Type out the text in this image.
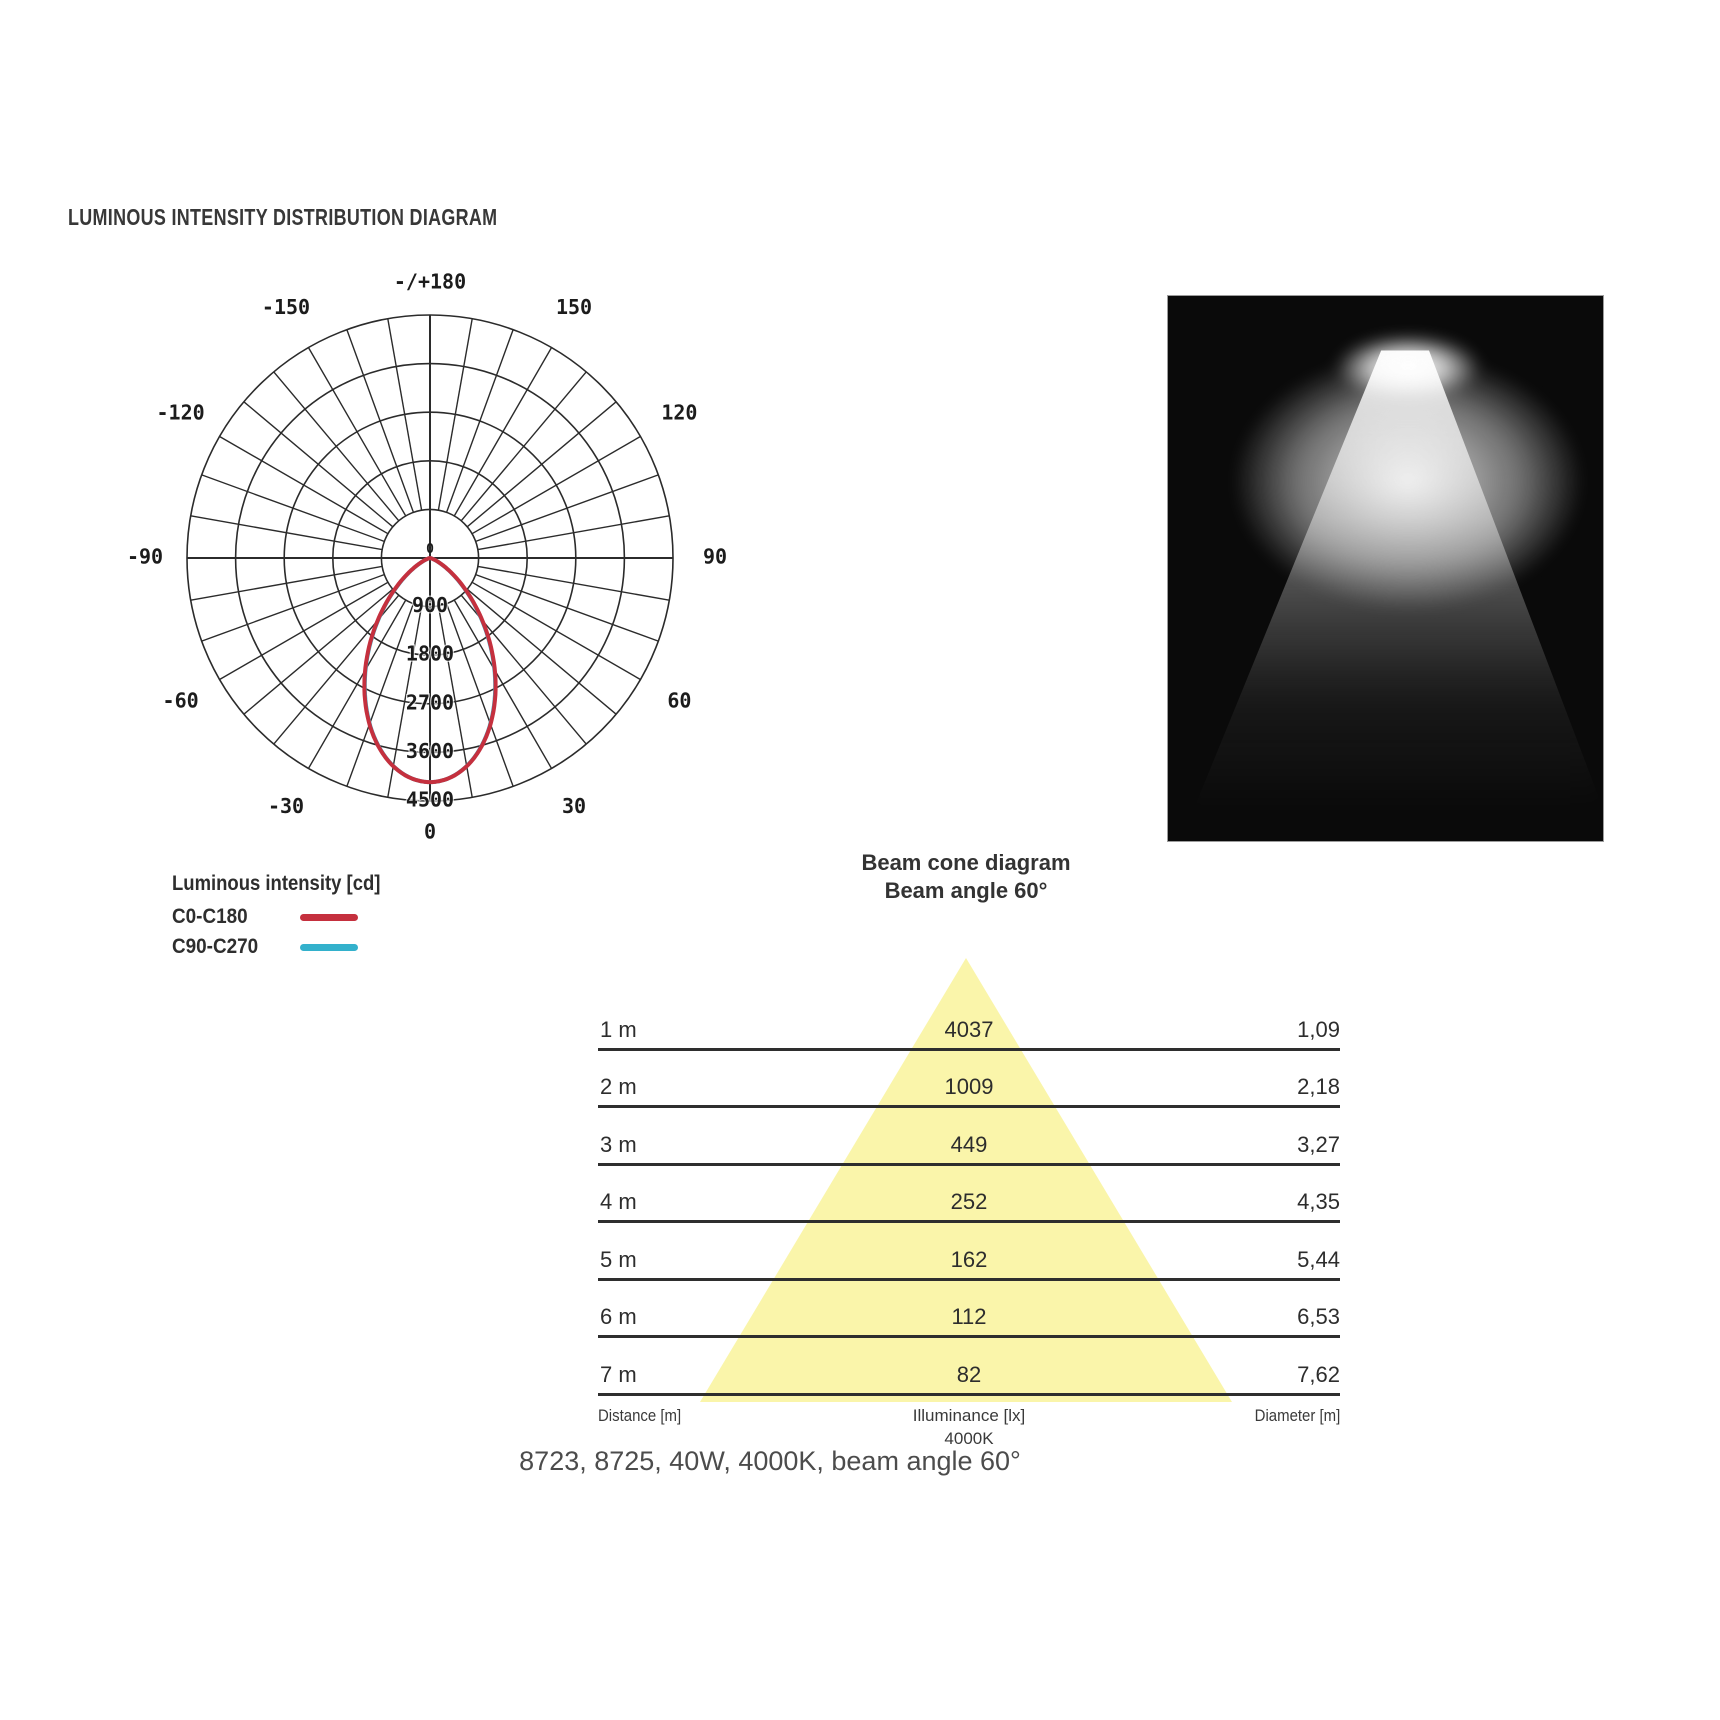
LUMINOUS INTENSITY DISTRIBUTION DIAGRAM
-/+180
-150	150
-120	120
-90	90
-60	60
-30	30
0
900
1800
2700
3600
4500
0
Luminous intensity [cd]
C0-C180
C90-C270
Beam cone diagram
Beam angle 60°
1 m	4037	1,09
2 m	1009	2,18
3 m	449	3,27
4 m	252	4,35
5 m	162	5,44
6 m	112	6,53
7 m	82	7,62
Distance [m]	Illuminance [lx]
4000K
Diameter [m]
8723, 8725, 40W, 4000K, beam angle 60°
